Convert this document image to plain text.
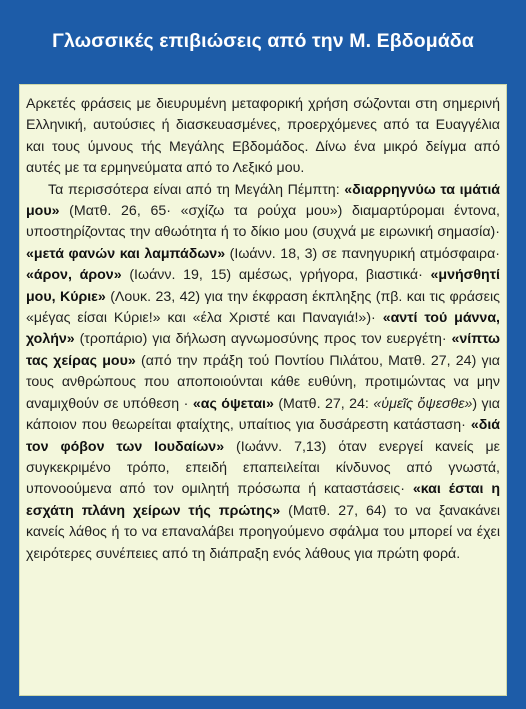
Γλωσσικές επιβιώσεις από την Μ. Εβδομάδα

Αρκετές φράσεις με διευρυμένη μεταφορική χρήση σώζονται στη σημερινή Ελληνική, αυτούσιες ή διασκευασμένες, προερχόμενες από τα Ευαγγέλια και τους ύμνους τής Μεγάλης Εβδομάδος. Δίνω ένα μικρό δείγμα από αυτές με τα ερμηνεύματα από το Λεξικό μου.

Τα περισσότερα είναι από τη Μεγάλη Πέμπτη: «διαρρηγνύω τα ιμάτιά μου» (Ματθ. 26, 65· «σχίζω τα ρούχα μου») διαμαρτύρομαι έντονα, υποστηρίζοντας την αθωότητα ή το δίκιο μου (συχνά με ειρωνική σημασία)· «μετά φανών και λαμπάδων» (Ιωάνν. 18, 3) σε πανηγυρική ατμόσφαιρα· «άρον, άρον» (Ιωάνν. 19, 15) αμέσως, γρήγορα, βιαστικά· «μνήσθητί μου, Κύριε» (Λουκ. 23, 42) για την έκφραση έκπληξης (πβ. και τις φράσεις «μέγας είσαι Κύριε!» και «έλα Χριστέ και Παναγιά!»)· «αντί τού μάννα, χολήν» (τροπάριο) για δήλωση αγνωμοσύνης προς τον ευεργέτη· «νίπτω τας χείρας μου» (από την πράξη τού Ποντίου Πιλάτου, Ματθ. 27, 24) για τους ανθρώπους που αποποιούνται κάθε ευθύνη, προτιμώντας να μην αναμιχθούν σε υπόθεση · «ας όψεται» (Ματθ. 27, 24: «ὑμεῖς ὄψεσθε») για κάποιον που θεωρείται φταίχτης, υπαίτιος για δυσάρεστη κατάσταση· «διά τον φόβον των Ιουδαίων» (Ιωάνν. 7,13) όταν ενεργεί κανείς με συγκεκριμένο τρόπο, επειδή επαπειλείται κίνδυνος από γνωστά, υπονοούμενα από τον ομιλητή πρόσωπα ή καταστάσεις· «και έσται η εσχάτη πλάνη χείρων τής πρώτης» (Ματθ. 27, 64) το να ξανακάνει κανείς λάθος ή το να επαναλάβει προηγούμενο σφάλμα του μπορεί να έχει χειρότερες συνέπειες από τη διάπραξη ενός λάθους για πρώτη φορά.
